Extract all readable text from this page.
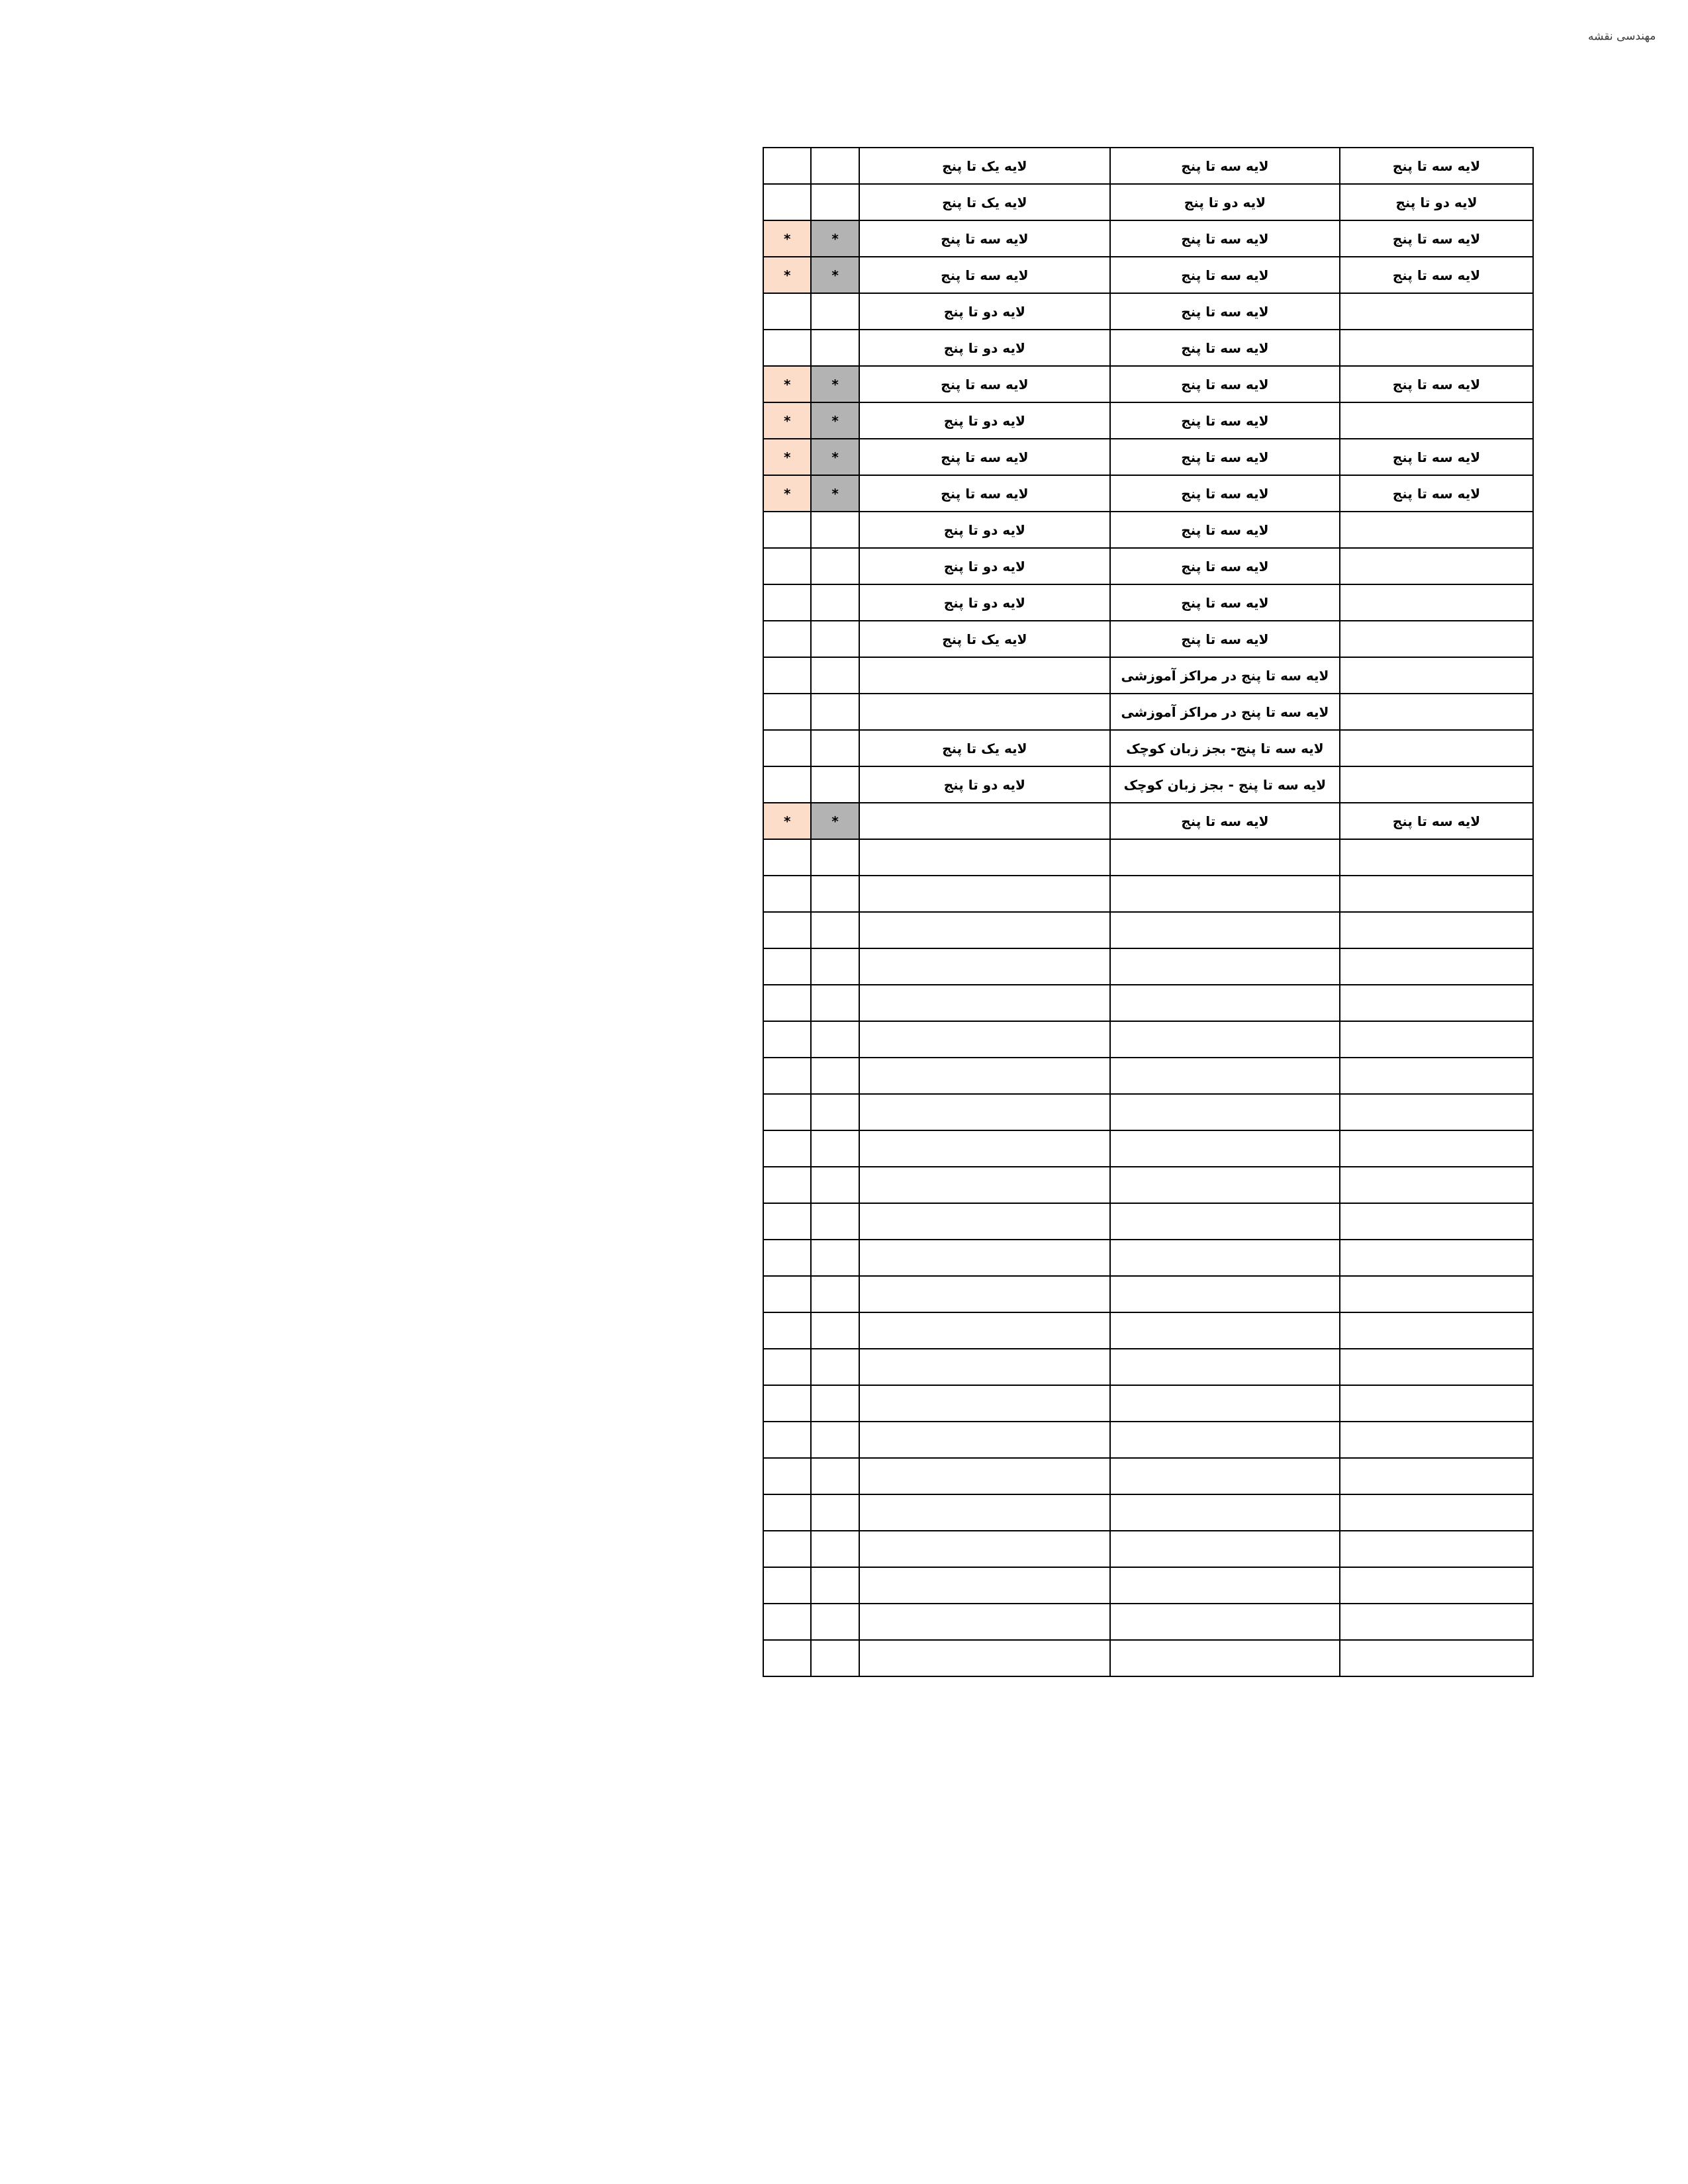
مهندسی نقشه
لایه سه تا پنج	لایه سه تا پنج	لایه یک تا پنج		
لایه دو تا پنج	لایه دو تا پنج	لایه یک تا پنج		
لایه سه تا پنج	لایه سه تا پنج	لایه سه تا پنج	*	*
لایه سه تا پنج	لایه سه تا پنج	لایه سه تا پنج	*	*
	لایه سه تا پنج	لایه دو تا پنج		
	لایه سه تا پنج	لایه دو تا پنج		
لایه سه تا پنج	لایه سه تا پنج	لایه سه تا پنج	*	*
	لایه سه تا پنج	لایه دو تا پنج	*	*
لایه سه تا پنج	لایه سه تا پنج	لایه سه تا پنج	*	*
لایه سه تا پنج	لایه سه تا پنج	لایه سه تا پنج	*	*
	لایه سه تا پنج	لایه دو تا پنج		
	لایه سه تا پنج	لایه دو تا پنج		
	لایه سه تا پنج	لایه دو تا پنج		
	لایه سه تا پنج	لایه یک تا پنج		
	لایه سه تا پنج در مراکز آموزشی			
	لایه سه تا پنج در مراکز آموزشی			
	لایه سه تا پنج- بجز زبان کوچک	لایه یک تا پنج		
	لایه سه تا پنج - بجز زبان کوچک	لایه دو تا پنج		
لایه سه تا پنج	لایه سه تا پنج		*	*
